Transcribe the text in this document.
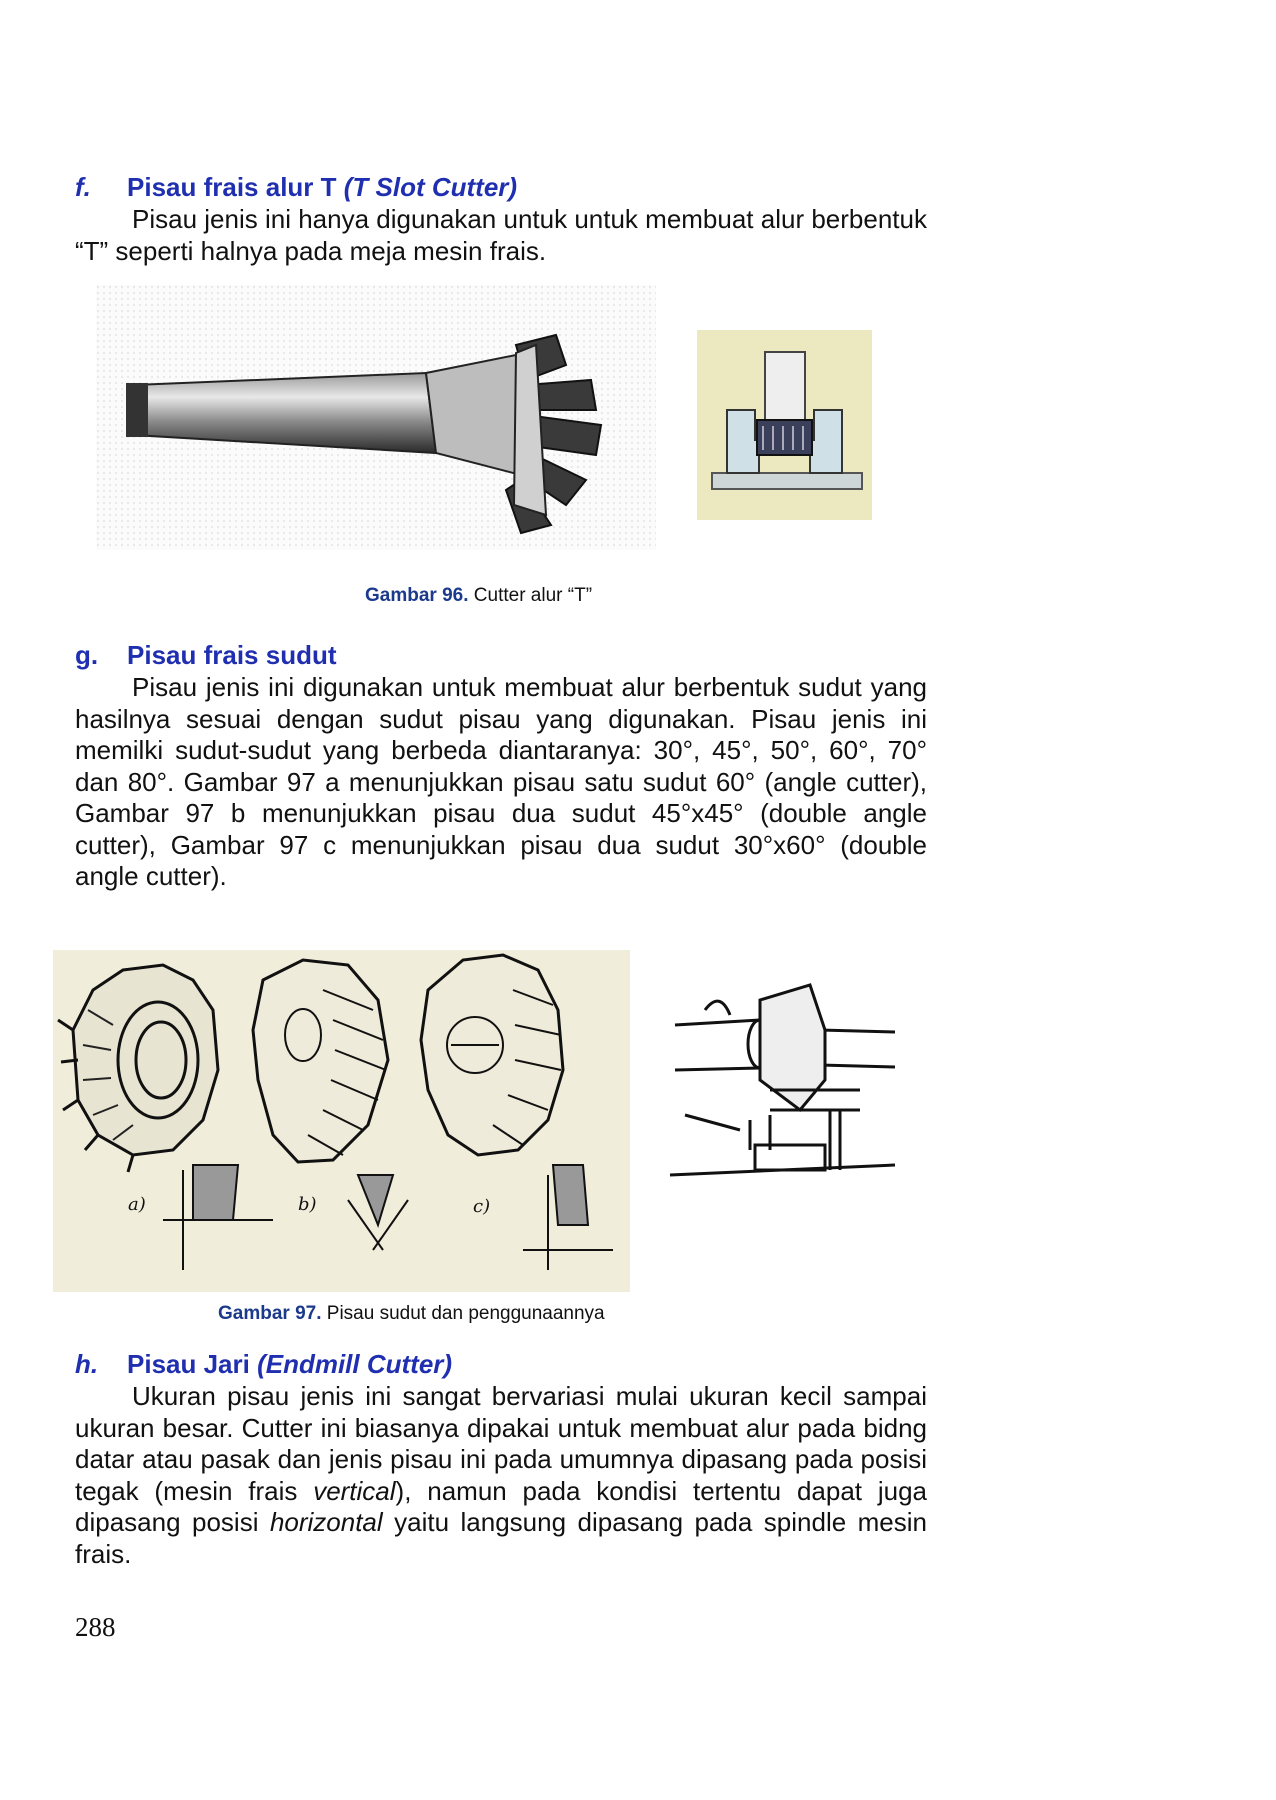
f. Pisau frais alur T (T Slot Cutter)

Pisau jenis ini hanya digunakan untuk untuk membuat alur berbentuk “T” seperti halnya pada meja mesin frais.

Gambar 96. Cutter alur “T”
g. Pisau frais sudut

Pisau jenis ini digunakan untuk membuat alur berbentuk sudut yang hasilnya sesuai dengan sudut pisau yang digunakan. Pisau jenis ini memilki sudut-sudut yang berbeda diantaranya: 30°, 45°, 50°, 60°, 70° dan 80°. Gambar 97 a menunjukkan pisau satu sudut 60° (angle cutter), Gambar 97 b menunjukkan pisau dua sudut 45°x45° (double angle cutter), Gambar 97 c menunjukkan pisau dua sudut 30°x60° (double angle cutter).

a)	b)	c)
Gambar 97. Pisau sudut dan penggunaannya
h. Pisau Jari (Endmill Cutter)

Ukuran pisau jenis ini sangat bervariasi mulai ukuran kecil sampai ukuran besar. Cutter ini biasanya dipakai untuk membuat alur pada bidng datar atau pasak dan jenis pisau ini pada umumnya dipasang pada posisi tegak (mesin frais vertical), namun pada kondisi tertentu dapat juga dipasang posisi horizontal yaitu langsung dipasang pada spindle mesin frais.

288
